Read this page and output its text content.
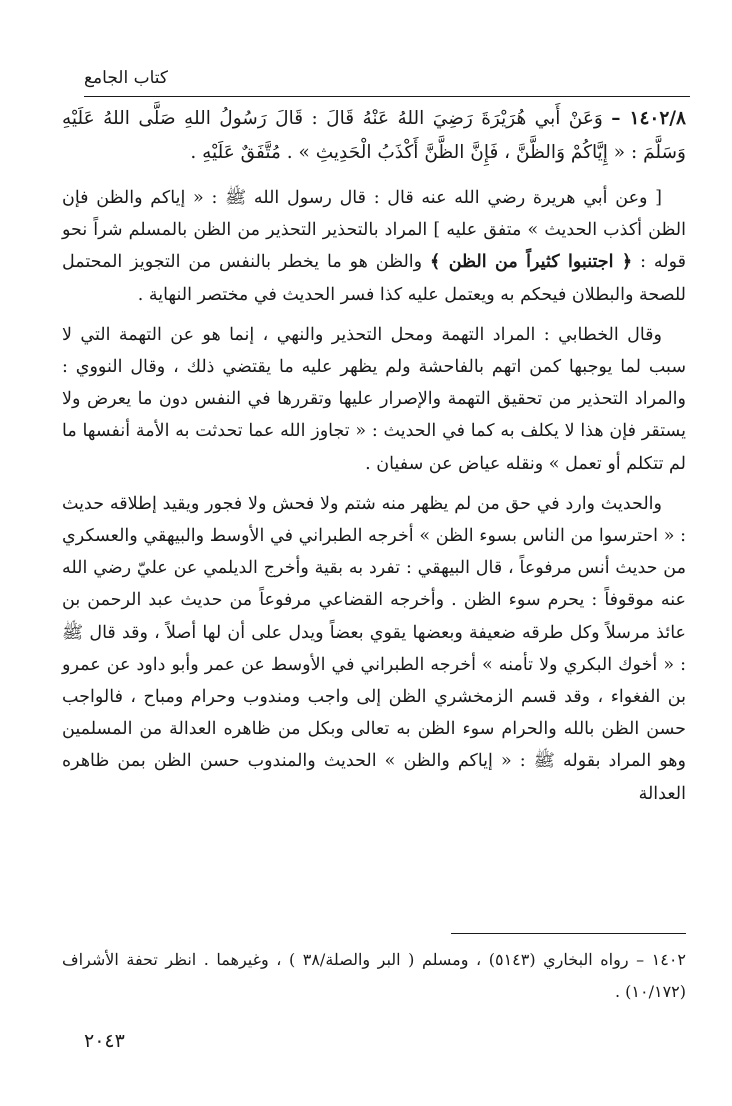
كتاب الجامع

١٤٠٢/٨ – وَعَنْ أَبي هُرَيْرَةَ رَضِيَ اللهُ عَنْهُ قَالَ : قَالَ رَسُولُ اللهِ صَلَّى اللهُ عَلَيْهِ وَسَلَّمَ : « إِيَّاكُمْ وَالظَّنَّ ، فَإِنَّ الظَّنَّ أَكْذَبُ الْحَدِيثِ » . مُتَّفَقٌ عَلَيْهِ .

[ وعن أبي هريرة رضي الله عنه قال : قال رسول الله ﷺ : « إياكم والظن فإن الظن أكذب الحديث » متفق عليه ] المراد بالتحذير التحذير من الظن بالمسلم شراً نحو قوله : ﴿ اجتنبوا كثيراً من الظن ﴾ والظن هو ما يخطر بالنفس من التجويز المحتمل للصحة والبطلان فيحكم به ويعتمل عليه كذا فسر الحديث في مختصر النهاية .

وقال الخطابي : المراد التهمة ومحل التحذير والنهي ، إنما هو عن التهمة التي لا سبب لما يوجبها كمن اتهم بالفاحشة ولم يظهر عليه ما يقتضي ذلك ، وقال النووي : والمراد التحذير من تحقيق التهمة والإصرار عليها وتقررها في النفس دون ما يعرض ولا يستقر فإن هذا لا يكلف به كما في الحديث : « تجاوز الله عما تحدثت به الأمة أنفسها ما لم تتكلم أو تعمل » ونقله عياض عن سفيان .

والحديث وارد في حق من لم يظهر منه شتم ولا فحش ولا فجور ويقيد إطلاقه حديث : « احترسوا من الناس بسوء الظن » أخرجه الطبراني في الأوسط والبيهقي والعسكري من حديث أنس مرفوعاً ، قال البيهقي : تفرد به بقية وأخرج الديلمي عن عليّ رضي الله عنه موقوفاً : يحرم سوء الظن . وأخرجه القضاعي مرفوعاً من حديث عبد الرحمن بن عائذ مرسلاً وكل طرقه ضعيفة وبعضها يقوي بعضاً ويدل على أن لها أصلاً ، وقد قال ﷺ : « أخوك البكري ولا تأمنه » أخرجه الطبراني في الأوسط عن عمر وأبو داود عن عمرو بن الفغواء ، وقد قسم الزمخشري الظن إلى واجب ومندوب وحرام ومباح ، فالواجب حسن الظن بالله والحرام سوء الظن به تعالى وبكل من ظاهره العدالة من المسلمين وهو المراد بقوله ﷺ : « إياكم والظن » الحديث والمندوب حسن الظن بمن ظاهره العدالة

١٤٠٢ – رواه البخاري (٥١٤٣) ، ومسلم ( البر والصلة/٣٨ ) ، وغيرهما . انظر تحفة الأشراف (١٠/١٧٢) .
٢٠٤٣
